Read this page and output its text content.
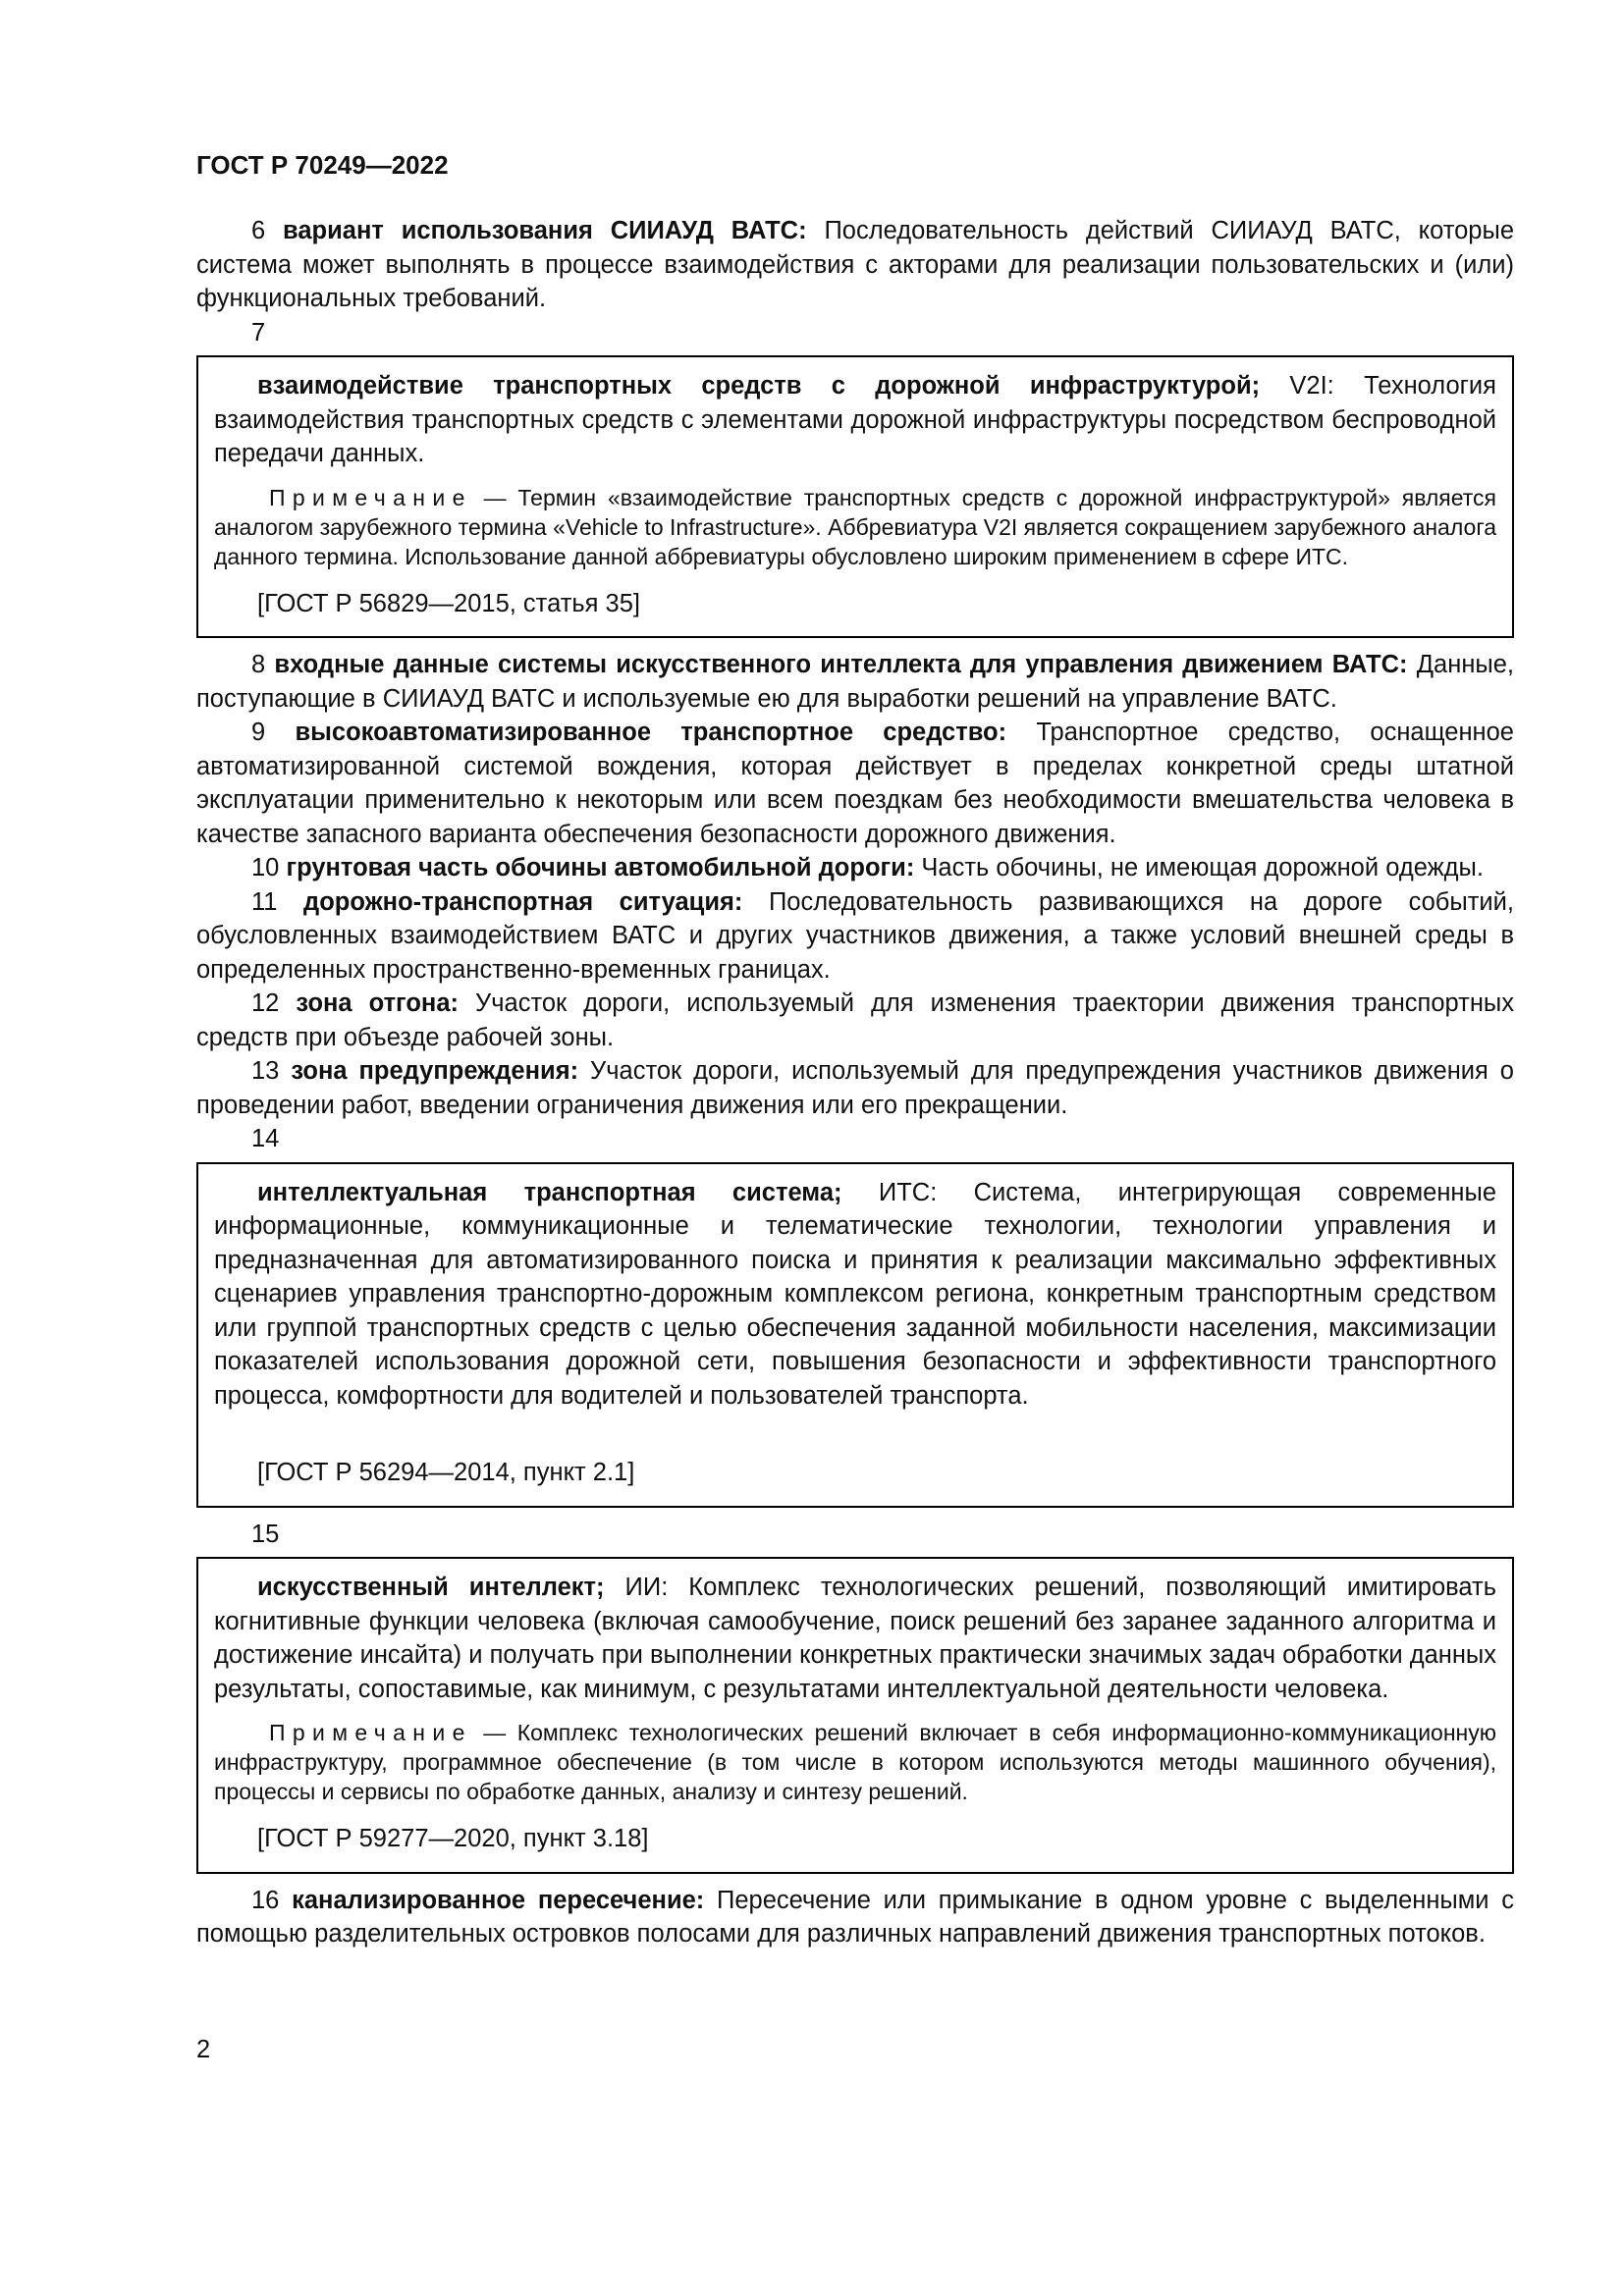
ГОСТ Р 70249—2022

6 вариант использования СИИАУД ВАТС: Последовательность действий СИИАУД ВАТС, которые система может выполнять в процессе взаимодействия с акторами для реализации пользовательских и (или) функциональных требований.

7

взаимодействие транспортных средств с дорожной инфраструктурой; V2I: Технология взаимодействия транспортных средств с элементами дорожной инфраструктуры посредством беспроводной передачи данных.

Примечание — Термин «взаимодействие транспортных средств с дорожной инфраструктурой» является аналогом зарубежного термина «Vehicle to Infrastructure». Аббревиатура V2I является сокращением зарубежного аналога данного термина. Использование данной аббревиатуры обусловлено широким применением в сфере ИТС.

[ГОСТ Р 56829—2015, статья 35]

8 входные данные системы искусственного интеллекта для управления движением ВАТС: Данные, поступающие в СИИАУД ВАТС и используемые ею для выработки решений на управление ВАТС.

9 высокоавтоматизированное транспортное средство: Транспортное средство, оснащенное автоматизированной системой вождения, которая действует в пределах конкретной среды штатной эксплуатации применительно к некоторым или всем поездкам без необходимости вмешательства человека в качестве запасного варианта обеспечения безопасности дорожного движения.

10 грунтовая часть обочины автомобильной дороги: Часть обочины, не имеющая дорожной одежды.

11 дорожно-транспортная ситуация: Последовательность развивающихся на дороге событий, обусловленных взаимодействием ВАТС и других участников движения, а также условий внешней среды в определенных пространственно-временных границах.

12 зона отгона: Участок дороги, используемый для изменения траектории движения транспортных средств при объезде рабочей зоны.

13 зона предупреждения: Участок дороги, используемый для предупреждения участников движения о проведении работ, введении ограничения движения или его прекращении.

14

интеллектуальная транспортная система; ИТС: Система, интегрирующая современные информационные, коммуникационные и телематические технологии, технологии управления и предназначенная для автоматизированного поиска и принятия к реализации максимально эффективных сценариев управления транспортно-дорожным комплексом региона, конкретным транспортным средством или группой транспортных средств с целью обеспечения заданной мобильности населения, максимизации показателей использования дорожной сети, повышения безопасности и эффективности транспортного процесса, комфортности для водителей и пользователей транспорта.

[ГОСТ Р 56294—2014, пункт 2.1]

15

искусственный интеллект; ИИ: Комплекс технологических решений, позволяющий имитировать когнитивные функции человека (включая самообучение, поиск решений без заранее заданного алгоритма и достижение инсайта) и получать при выполнении конкретных практически значимых задач обработки данных результаты, сопоставимые, как минимум, с результатами интеллектуальной деятельности человека.

Примечание — Комплекс технологических решений включает в себя информационно-коммуникационную инфраструктуру, программное обеспечение (в том числе в котором используются методы машинного обучения), процессы и сервисы по обработке данных, анализу и синтезу решений.

[ГОСТ Р 59277—2020, пункт 3.18]

16 канализированное пересечение: Пересечение или примыкание в одном уровне с выделенными с помощью разделительных островков полосами для различных направлений движения транспортных потоков.

2
